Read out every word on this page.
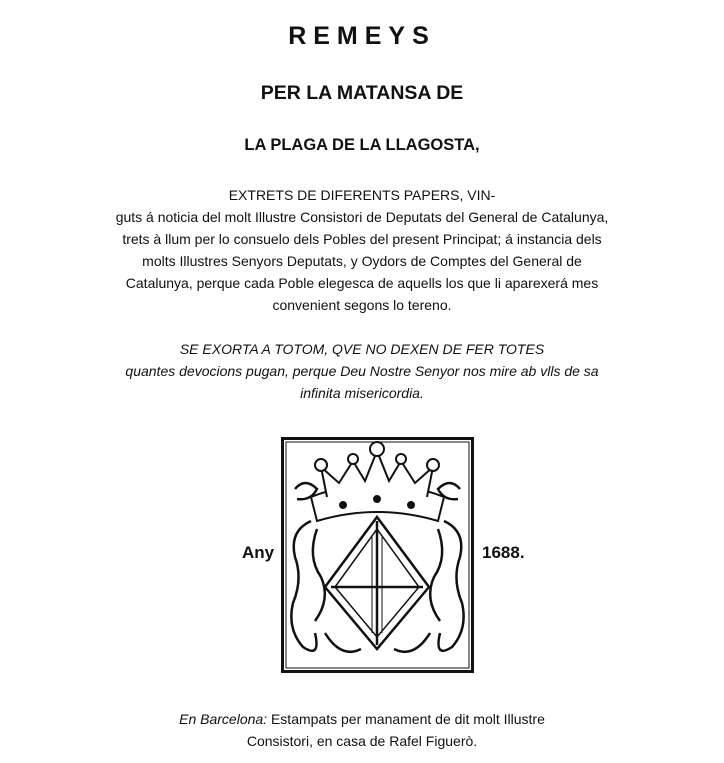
REMEYS
PER LA MATANSA DE
LA PLAGA DE LA LLAGOSTA,
EXTRETS DE DIFERENTS PAPERS, VIN-
guts á noticia del molt Illustre Consistori de Deputats del General de Catalunya,
trets à llum per lo consuelo dels Pobles del present Principat; á instancia dels
molts Illustres Senyors Deputats, y Oydors de Comptes del General de
Catalunya, perque cada Poble elegesca de aquells los que li aparexerá mes
convenient segons lo tereno.
SE EXORTA A TOTOM, QVE NO DEXEN DE FER TOTES
quantes devocions pugan, perque Deu Nostre Senyor nos mire ab vlls de sa
infinita misericordia.
Any	1688.
En Barcelona: Estampats per manament de dit molt Illustre
Consistori, en casa de Rafel Figuerò.
